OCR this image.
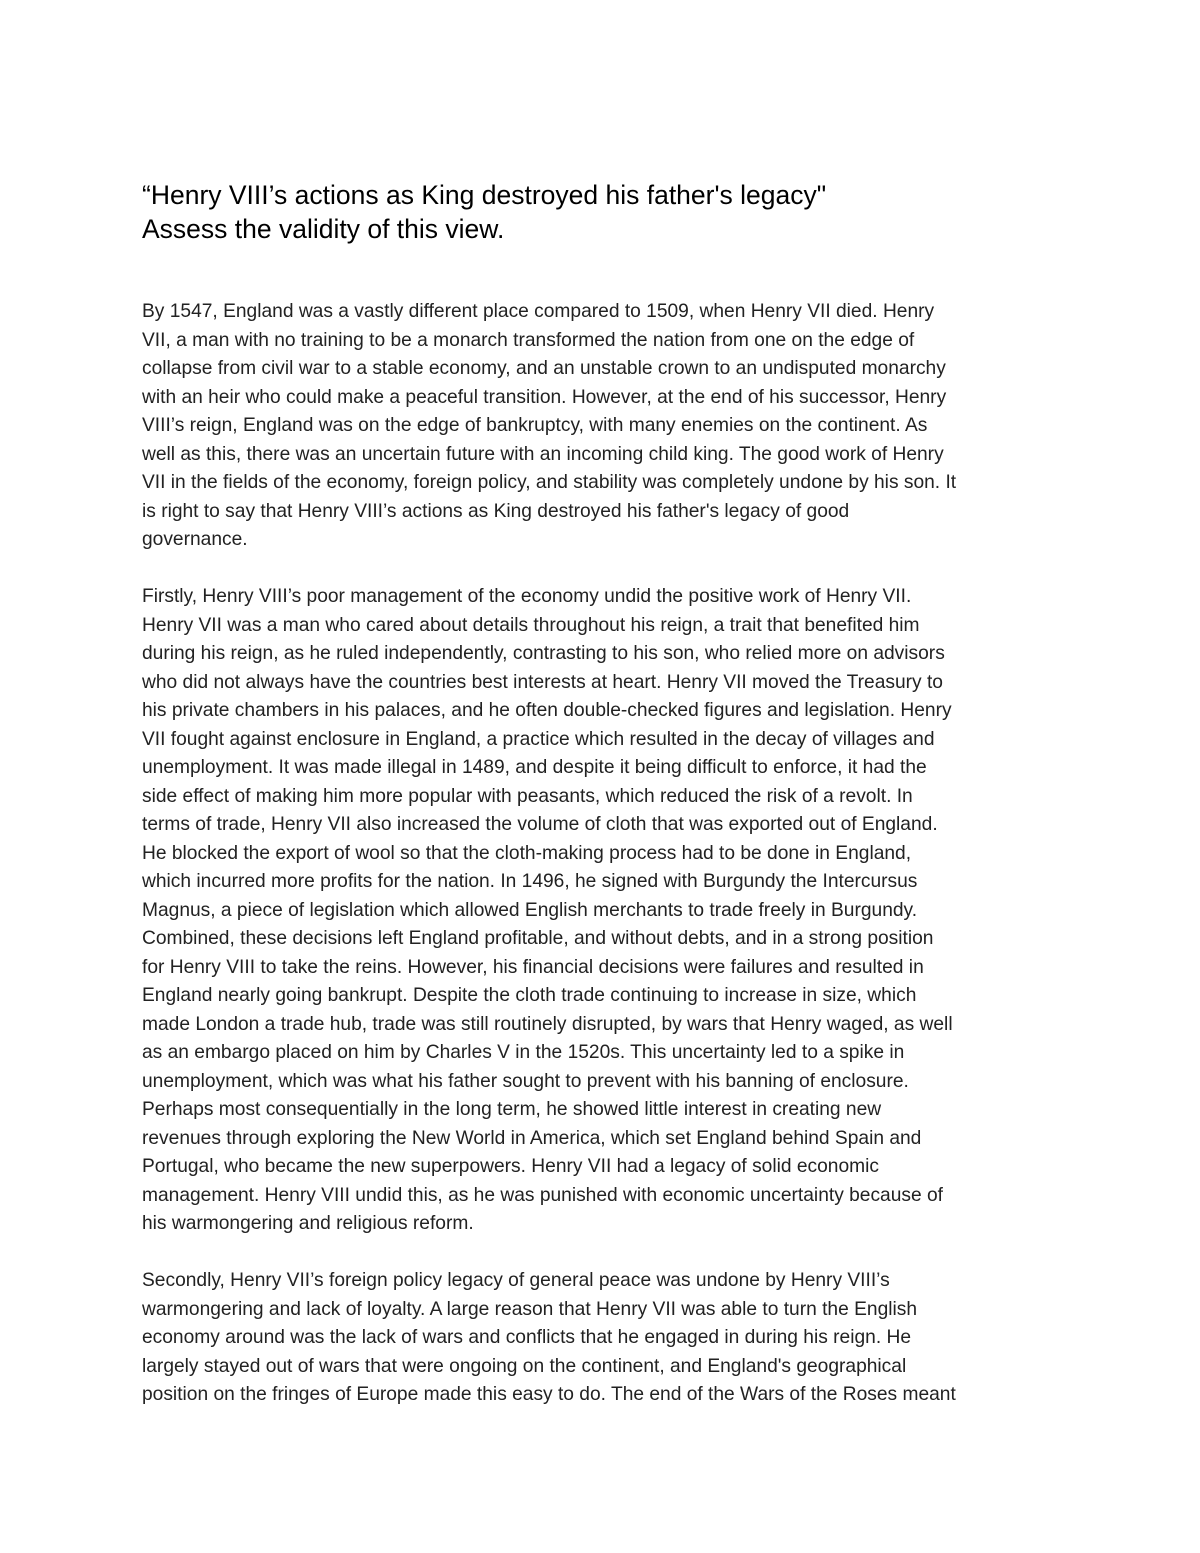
“Henry VIII’s actions as King destroyed his father's legacy"
Assess the validity of this view.

By 1547, England was a vastly different place compared to 1509, when Henry VII died. Henry
VII, a man with no training to be a monarch transformed the nation from one on the edge of
collapse from civil war to a stable economy, and an unstable crown to an undisputed monarchy
with an heir who could make a peaceful transition. However, at the end of his successor, Henry
VIII’s reign, England was on the edge of bankruptcy, with many enemies on the continent. As
well as this, there was an uncertain future with an incoming child king. The good work of Henry
VII in the fields of the economy, foreign policy, and stability was completely undone by his son. It
is right to say that Henry VIII’s actions as King destroyed his father's legacy of good
governance.

Firstly, Henry VIII’s poor management of the economy undid the positive work of Henry VII.
Henry VII was a man who cared about details throughout his reign, a trait that benefited him
during his reign, as he ruled independently, contrasting to his son, who relied more on advisors
who did not always have the countries best interests at heart. Henry VII moved the Treasury to
his private chambers in his palaces, and he often double-checked figures and legislation. Henry
VII fought against enclosure in England, a practice which resulted in the decay of villages and
unemployment. It was made illegal in 1489, and despite it being difficult to enforce, it had the
side effect of making him more popular with peasants, which reduced the risk of a revolt. In
terms of trade, Henry VII also increased the volume of cloth that was exported out of England.
He blocked the export of wool so that the cloth-making process had to be done in England,
which incurred more profits for the nation. In 1496, he signed with Burgundy the Intercursus
Magnus, a piece of legislation which allowed English merchants to trade freely in Burgundy.
Combined, these decisions left England profitable, and without debts, and in a strong position
for Henry VIII to take the reins. However, his financial decisions were failures and resulted in
England nearly going bankrupt. Despite the cloth trade continuing to increase in size, which
made London a trade hub, trade was still routinely disrupted, by wars that Henry waged, as well
as an embargo placed on him by Charles V in the 1520s. This uncertainty led to a spike in
unemployment, which was what his father sought to prevent with his banning of enclosure.
Perhaps most consequentially in the long term, he showed little interest in creating new
revenues through exploring the New World in America, which set England behind Spain and
Portugal, who became the new superpowers. Henry VII had a legacy of solid economic
management. Henry VIII undid this, as he was punished with economic uncertainty because of
his warmongering and religious reform.

Secondly, Henry VII’s foreign policy legacy of general peace was undone by Henry VIII’s
warmongering and lack of loyalty. A large reason that Henry VII was able to turn the English
economy around was the lack of wars and conflicts that he engaged in during his reign. He
largely stayed out of wars that were ongoing on the continent, and England's geographical
position on the fringes of Europe made this easy to do. The end of the Wars of the Roses meant
